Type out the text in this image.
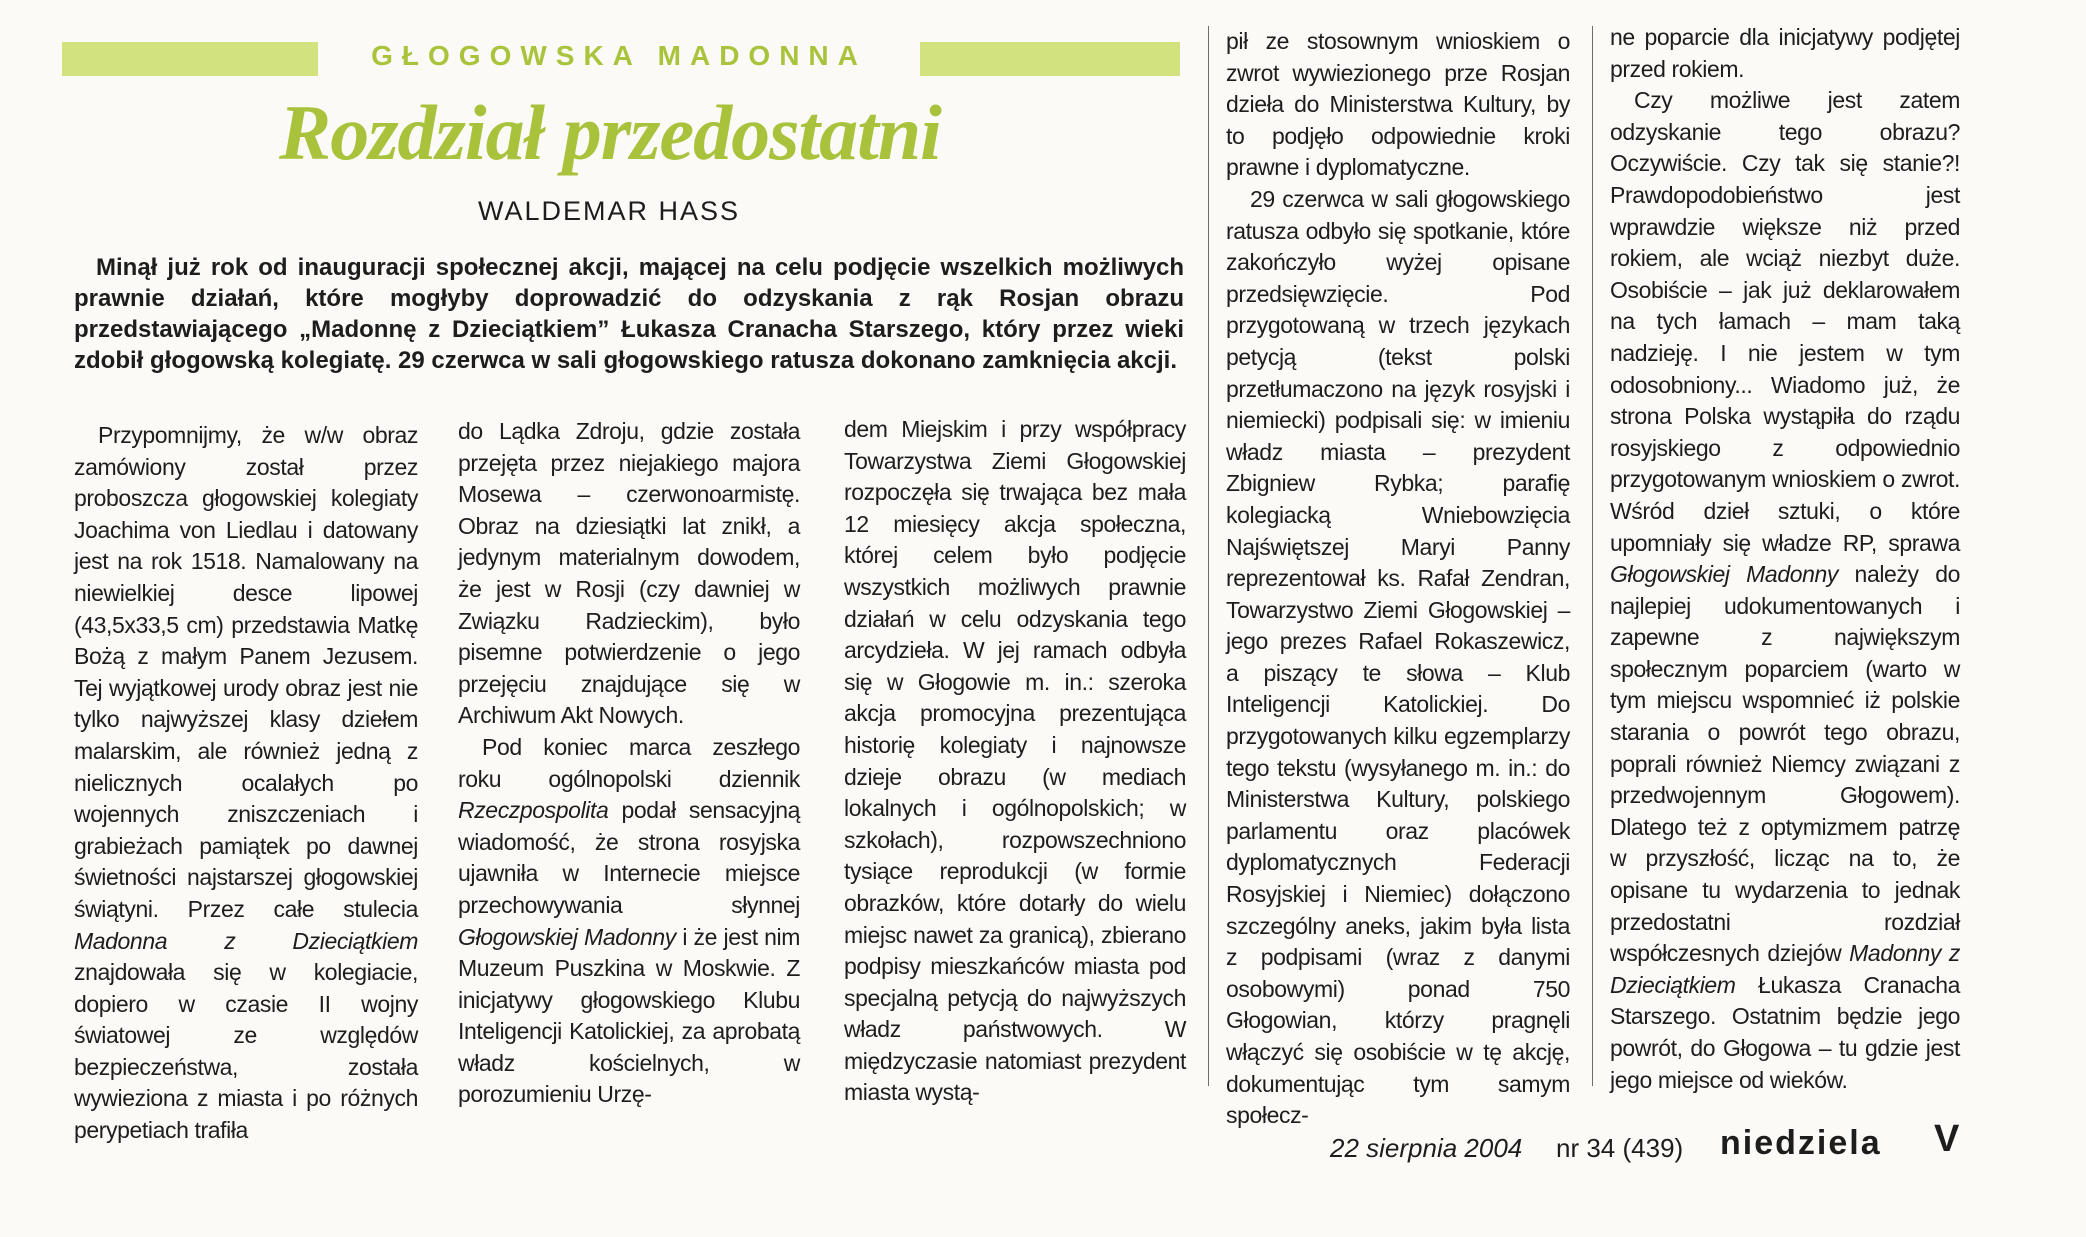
GŁOGOWSKA MADONNA
Rozdział przedostatni
WALDEMAR HASS
Minął już rok od inauguracji społecznej akcji, mającej na celu podjęcie wszelkich możliwych prawnie działań, które mogłyby doprowadzić do odzyskania z rąk Rosjan obrazu przedstawiającego „Madonnę z Dzieciątkiem” Łukasza Cranacha Starszego, który przez wieki zdobił głogowską kolegiatę. 29 czerwca w sali głogowskiego ratusza dokonano zamknięcia akcji.

Przypomnijmy, że w/w obraz zamówiony został przez proboszcza głogowskiej kolegiaty Joachima von Liedlau i datowany jest na rok 1518. Namalowany na niewielkiej desce lipowej (43,5x33,5 cm) przedstawia Matkę Bożą z małym Panem Jezusem. Tej wyjątkowej urody obraz jest nie tylko najwyższej klasy dziełem malarskim, ale również jedną z nielicznych ocalałych po wojennych zniszczeniach i grabieżach pamiątek po dawnej świetności najstarszej głogowskiej świątyni. Przez całe stulecia Madonna z Dzieciątkiem znajdowała się w kolegiacie, dopiero w czasie II wojny światowej ze względów bezpieczeństwa, została wywieziona z miasta i po różnych perypetiach trafiła

do Lądka Zdroju, gdzie została przejęta przez niejakiego majora Mosewa – czerwonoarmistę. Obraz na dziesiątki lat znikł, a jedynym materialnym dowodem, że jest w Rosji (czy dawniej w Związku Radzieckim), było pisemne potwierdzenie o jego przejęciu znajdujące się w Archiwum Akt Nowych.

Pod koniec marca zeszłego roku ogólnopolski dziennik Rzeczpospolita podał sensacyjną wiadomość, że strona rosyjska ujawniła w Internecie miejsce przechowywania słynnej Głogowskiej Madonny i że jest nim Muzeum Puszkina w Moskwie. Z inicjatywy głogowskiego Klubu Inteligencji Katolickiej, za aprobatą władz kościelnych, w porozumieniu Urzę-

dem Miejskim i przy współpracy Towarzystwa Ziemi Głogowskiej rozpoczęła się trwająca bez mała 12 miesięcy akcja społeczna, której celem było podjęcie wszystkich możliwych prawnie działań w celu odzyskania tego arcydzieła. W jej ramach odbyła się w Głogowie m. in.: szeroka akcja promocyjna prezentująca historię kolegiaty i najnowsze dzieje obrazu (w mediach lokalnych i ogólnopolskich; w szkołach), rozpowszechniono tysiące reprodukcji (w formie obrazków, które dotarły do wielu miejsc nawet za granicą), zbierano podpisy mieszkańców miasta pod specjalną petycją do najwyższych władz państwowych. W międzyczasie natomiast prezydent miasta wystą-

pił ze stosownym wnioskiem o zwrot wywiezionego prze Rosjan dzieła do Ministerstwa Kultury, by to podjęło odpowiednie kroki prawne i dyplomatyczne.

29 czerwca w sali głogowskiego ratusza odbyło się spotkanie, które zakończyło wyżej opisane przedsięwzięcie. Pod przygotowaną w trzech językach petycją (tekst polski przetłumaczono na język rosyjski i niemiecki) podpisali się: w imieniu władz miasta – prezydent Zbigniew Rybka; parafię kolegiacką Wniebowzięcia Najświętszej Maryi Panny reprezentował ks. Rafał Zendran, Towarzystwo Ziemi Głogowskiej – jego prezes Rafael Rokaszewicz, a piszący te słowa – Klub Inteligencji Katolickiej. Do przygotowanych kilku egzemplarzy tego tekstu (wysyłanego m. in.: do Ministerstwa Kultury, polskiego parlamentu oraz placówek dyplomatycznych Federacji Rosyjskiej i Niemiec) dołączono szczególny aneks, jakim była lista z podpisami (wraz z danymi osobowymi) ponad 750 Głogowian, którzy pragnęli włączyć się osobiście w tę akcję, dokumentując tym samym społecz-

ne poparcie dla inicjatywy podjętej przed rokiem.

Czy możliwe jest zatem odzyskanie tego obrazu? Oczywiście. Czy tak się stanie?! Prawdopodobieństwo jest wprawdzie większe niż przed rokiem, ale wciąż niezbyt duże. Osobiście – jak już deklarowałem na tych łamach – mam taką nadzieję. I nie jestem w tym odosobniony... Wiadomo już, że strona Polska wystąpiła do rządu rosyjskiego z odpowiednio przygotowanym wnioskiem o zwrot. Wśród dzieł sztuki, o które upomniały się władze RP, sprawa Głogowskiej Madonny należy do najlepiej udokumentowanych i zapewne z największym społecznym poparciem (warto w tym miejscu wspomnieć iż polskie starania o powrót tego obrazu, poprali również Niemcy związani z przedwojennym Głogowem). Dlatego też z optymizmem patrzę w przyszłość, licząc na to, że opisane tu wydarzenia to jednak przedostatni rozdział współczesnych dziejów Madonny z Dzieciątkiem Łukasza Cranacha Starszego. Ostatnim będzie jego powrót, do Głogowa – tu gdzie jest jego miejsce od wieków.

22 sierpnia 2004 nr 34 (439) niedziela V
